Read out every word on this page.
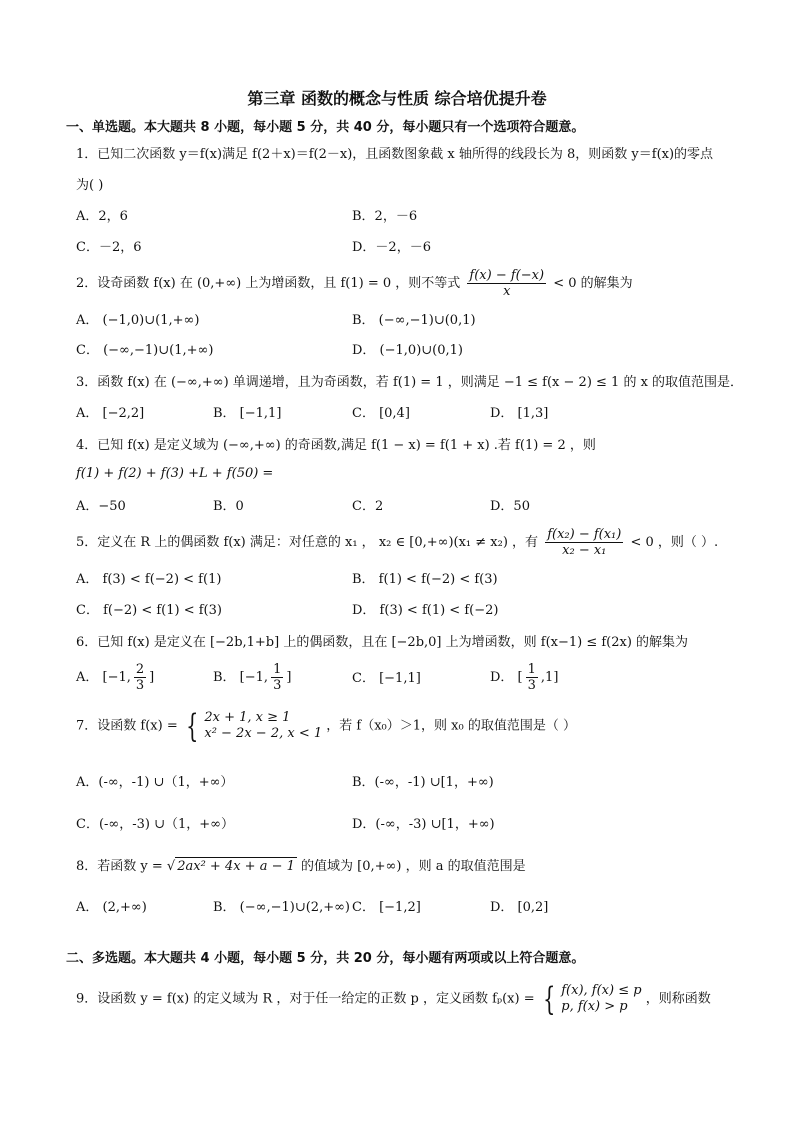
第三章 函数的概念与性质 综合培优提升卷
一、单选题。本大题共 8 小题，每小题 5 分，共 40 分，每小题只有一个选项符合题意。
1．已知二次函数 y＝f(x)满足 f(2＋x)＝f(2－x)，且函数图象截 x 轴所得的线段长为 8，则函数 y＝f(x)的零点
为( )
A．2，6	B．2，－6
C．－2，6	D．－2，－6
2．设奇函数 f(x) 在 (0,+∞) 上为增函数，且 f(1) = 0 ，则不等式 $\frac{f(x) - f(-x)}{x} < 0$ 的解集为
A． (−1,0)∪(1,+∞)	B． (−∞,−1)∪(0,1)
C． (−∞,−1)∪(1,+∞)	D． (−1,0)∪(0,1)
3．函数 f(x) 在 (−∞,+∞) 单调递增，且为奇函数，若 f(1) = 1 ，则满足 −1 ≤ f(x − 2) ≤ 1 的 x 的取值范围是．
A． [−2,2]	B． [−1,1]	C． [0,4]	D． [1,3]
4．已知 f(x) 是定义域为 (−∞,+∞) 的奇函数,满足 f(1 − x) = f(1 + x) .若 f(1) = 2 ，则
f(1) + f(2) + f(3) +L + f(50) =
A．−50	B．0	C．2	D．50
5．定义在 R 上的偶函数 f(x) 满足：对任意的 x₁ ， x₂ ∈ [0,+∞)(x₁ ≠ x₂) ，有 $\frac{\text{f(x₂) − f(x₁)}}{\text{x₂ − x₁}} < 0$ ，则（ ）.
A． f(3) < f(−2) < f(1)	B． f(1) < f(−2) < f(3)
C． f(−2) < f(1) < f(3)	D． f(3) < f(1) < f(−2)
6．已知 f(x) 是定义在 [−2b,1+b] 上的偶函数，且在 [−2b,0] 上为增函数，则 f(x−1) ≤ f(2x) 的解集为
A． [−1, $\frac{2}{3}$ ]	B． [−1, $\frac{1}{3}$ ]	C． [−1,1]	D． [ $\frac{1}{3} ,1$]
7．设函数 f(x) = { 2x + 1, x ≥ 1
x² − 2x − 2, x < 1 ，若 f（x₀）＞1，则 x₀ 的取值范围是（ ）
A．(-∞，-1) ∪（1，+∞）	B．(-∞，-1) ∪[1，+∞)
C．(-∞，-3) ∪（1，+∞）	D．(-∞，-3) ∪[1，+∞)
8．若函数 y = √ 2ax² + 4x + a − 1 的值域为 [0,+∞) ，则 a 的取值范围是
A． (2,+∞)	B． (−∞,−1)∪(2,+∞) C． [−1,2]	D． [0,2]
二、多选题。本大题共 4 小题，每小题 5 分，共 20 分，每小题有两项或以上符合题意。
9．设函数 y = f(x) 的定义域为 R ，对于任一给定的正数 p ，定义函数 fₚ(x) = { f(x), f(x) ≤ p
p, f(x) > p	，则称函数
